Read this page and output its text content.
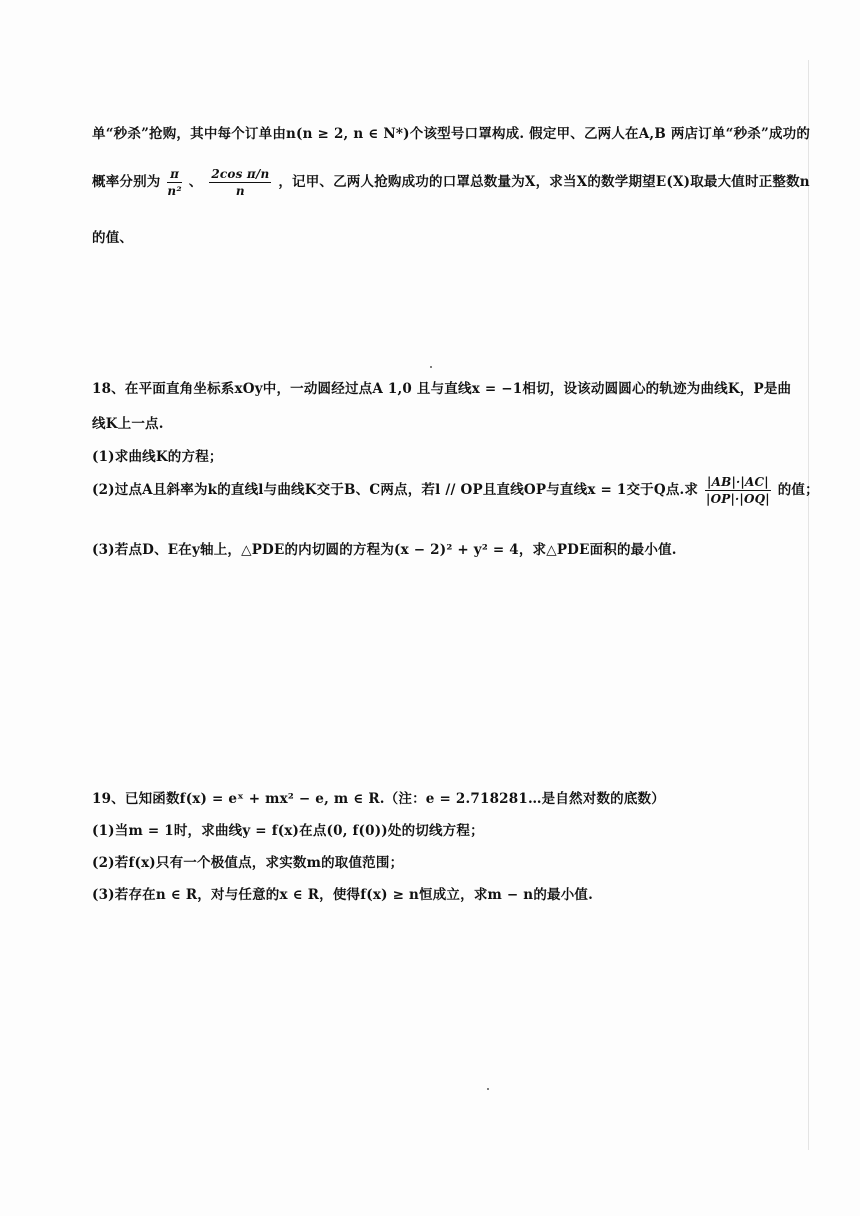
单“秒杀”抢购，其中每个订单由n(n ≥ 2, n ∈ N*)个该型号口罩构成. 假定甲、乙两人在A,B 两店订单“秒杀”成功的
概率分别为 $\frac{\pi}{\text{n²}}$ 、 $\frac{\text{2cos π/n}}{n}$ ，记甲、乙两人抢购成功的口罩总数量为X，求当X的数学期望E(X)取最大值时正整数n
的值、
18、在平面直角坐标系xOy中，一动圆经过点A 1,0 且与直线x = −1相切，设该动圆圆心的轨迹为曲线K，P是曲
线K上一点.
(1)求曲线K的方程；
(2)过点A且斜率为k的直线l与曲线K交于B、C两点，若l // OP且直线OP与直线x = 1交于Q点.求 $\frac{|AB|\cdot|AC|}{|OP|\cdot|OQ|}$ 的值；
(3)若点D、E在y轴上，△PDE的内切圆的方程为(x − 2)² + y² = 4，求△PDE面积的最小值.
19、已知函数f(x) = eˣ + mx² − e, m ∈ R.（注：e = 2.718281…是自然对数的底数）
(1)当m = 1时，求曲线y = f(x)在点(0, f(0))处的切线方程；
(2)若f(x)只有一个极值点，求实数m的取值范围；
(3)若存在n ∈ R，对与任意的x ∈ R，使得f(x) ≥ n恒成立，求m − n的最小值.
